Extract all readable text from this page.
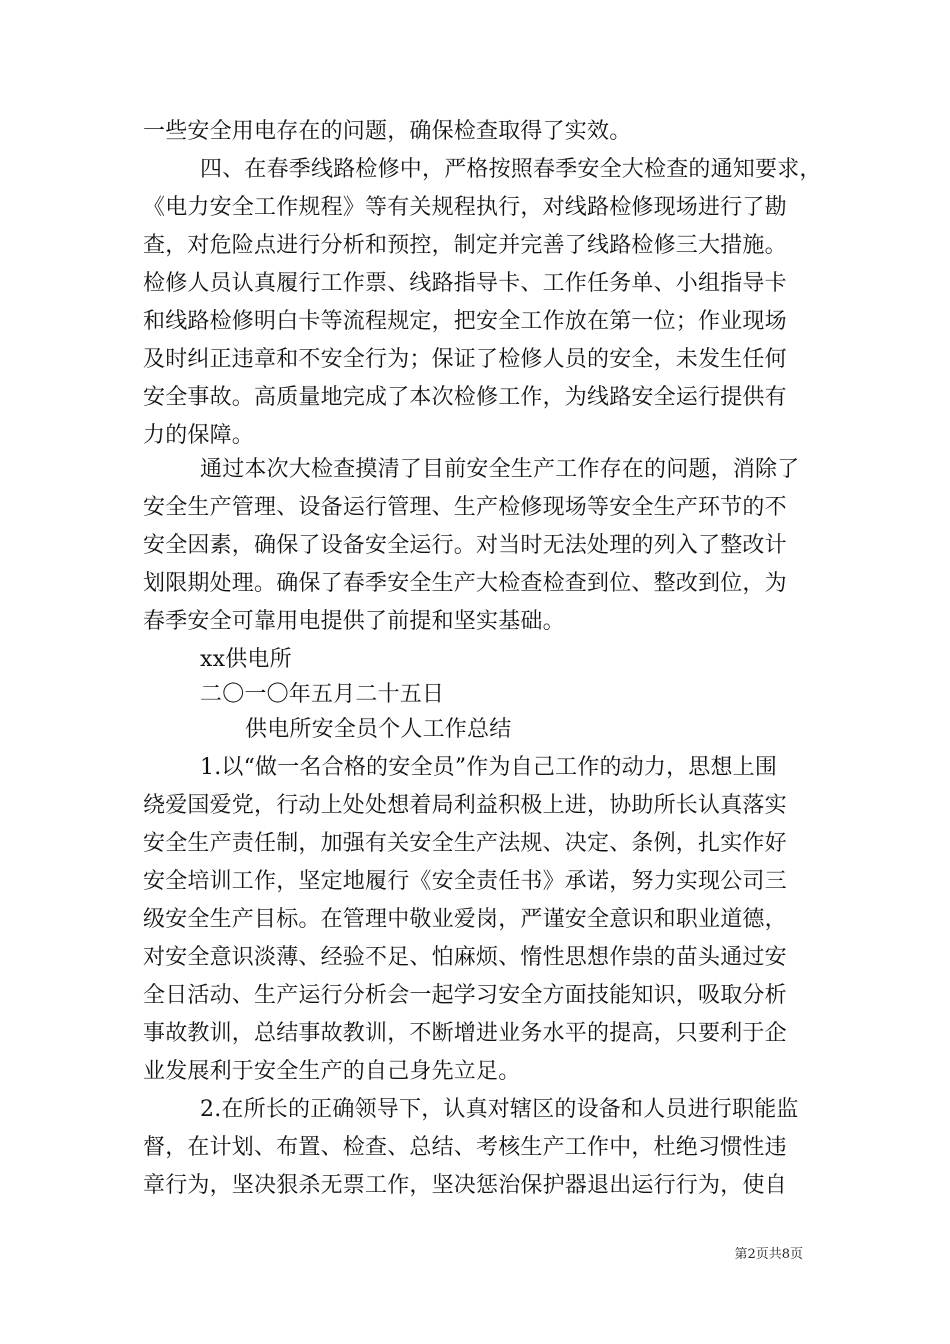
一些安全用电存在的问题，确保检查取得了实效。
四、在春季线路检修中，严格按照春季安全大检查的通知要求，
《电力安全工作规程》等有关规程执行，对线路检修现场进行了勘
查，对危险点进行分析和预控，制定并完善了线路检修三大措施。
检修人员认真履行工作票、线路指导卡、工作任务单、小组指导卡
和线路检修明白卡等流程规定，把安全工作放在第一位；作业现场
及时纠正违章和不安全行为；保证了检修人员的安全，未发生任何
安全事故。高质量地完成了本次检修工作，为线路安全运行提供有
力的保障。
通过本次大检查摸清了目前安全生产工作存在的问题，消除了
安全生产管理、设备运行管理、生产检修现场等安全生产环节的不
安全因素，确保了设备安全运行。对当时无法处理的列入了整改计
划限期处理。确保了春季安全生产大检查检查到位、整改到位，为
春季安全可靠用电提供了前提和坚实基础。
xx供电所
二〇一〇年五月二十五日
供电所安全员个人工作总结
1.以“做一名合格的安全员”作为自己工作的动力，思想上围
绕爱国爱党，行动上处处想着局利益积极上进，协助所长认真落实
安全生产责任制，加强有关安全生产法规、决定、条例，扎实作好
安全培训工作，坚定地履行《安全责任书》承诺，努力实现公司三
级安全生产目标。在管理中敬业爱岗，严谨安全意识和职业道德，
对安全意识淡薄、经验不足、怕麻烦、惰性思想作祟的苗头通过安
全日活动、生产运行分析会一起学习安全方面技能知识，吸取分析
事故教训，总结事故教训，不断增进业务水平的提高，只要利于企
业发展利于安全生产的自己身先立足。
2.在所长的正确领导下，认真对辖区的设备和人员进行职能监
督，在计划、布置、检查、总结、考核生产工作中，杜绝习惯性违
章行为，坚决狠杀无票工作，坚决惩治保护器退出运行行为，使自
第2页共8页
